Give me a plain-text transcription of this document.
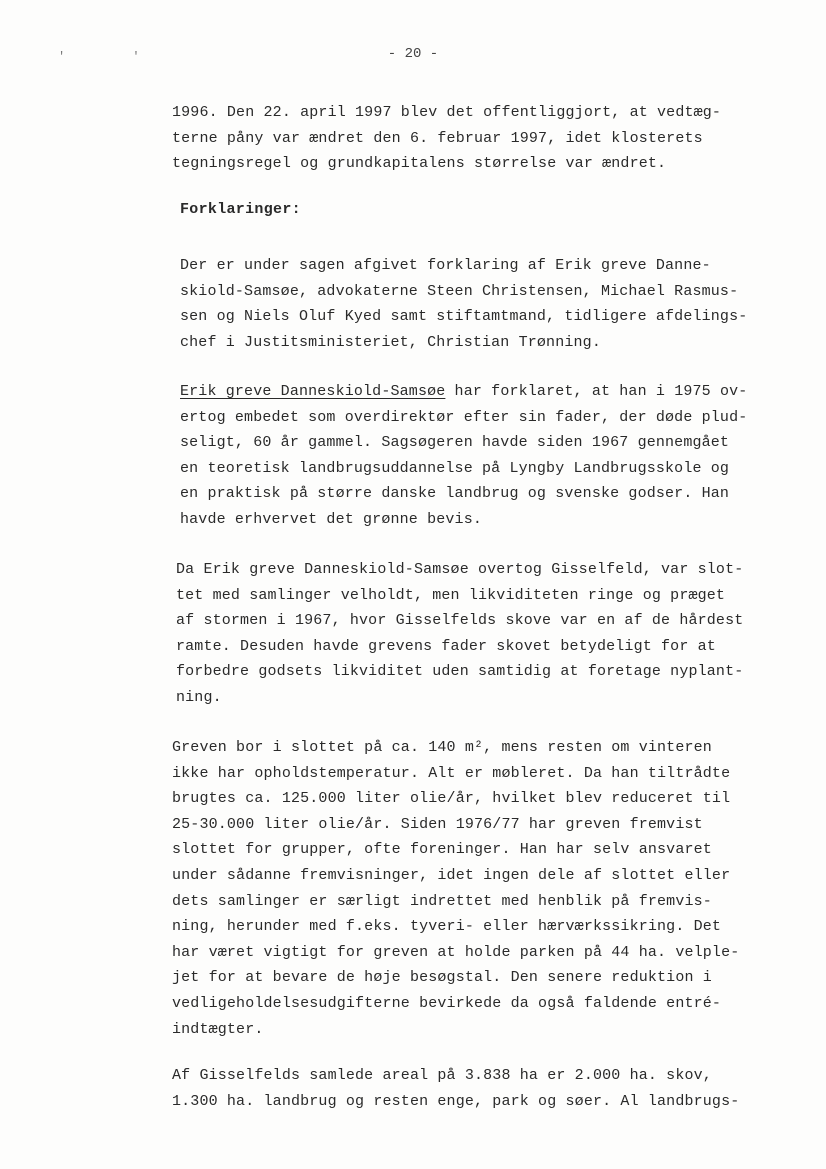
' '	- 20 -

1996. Den 22. april 1997 blev det offentliggjort, at vedtæg-
terne påny var ændret den 6. februar 1997, idet klosterets
tegningsregel og grundkapitalens størrelse var ændret.

Forklaringer:

Der er under sagen afgivet forklaring af Erik greve Danne-
skiold-Samsøe, advokaterne Steen Christensen, Michael Rasmus-
sen og Niels Oluf Kyed samt stiftamtmand, tidligere afdelings-
chef i Justitsministeriet, Christian Trønning.

Erik greve Danneskiold-Samsøe har forklaret, at han i 1975 ov-
ertog embedet som overdirektør efter sin fader, der døde plud-
seligt, 60 år gammel. Sagsøgeren havde siden 1967 gennemgået
en teoretisk landbrugsuddannelse på Lyngby Landbrugsskole og
en praktisk på større danske landbrug og svenske godser. Han
havde erhvervet det grønne bevis.

Da Erik greve Danneskiold-Samsøe overtog Gisselfeld, var slot-
tet med samlinger velholdt, men likviditeten ringe og præget
af stormen i 1967, hvor Gisselfelds skove var en af de hårdest
ramte. Desuden havde grevens fader skovet betydeligt for at
forbedre godsets likviditet uden samtidig at foretage nyplant-
ning.

Greven bor i slottet på ca. 140 m², mens resten om vinteren
ikke har opholdstemperatur. Alt er møbleret. Da han tiltrådte
brugtes ca. 125.000 liter olie/år, hvilket blev reduceret til
25-30.000 liter olie/år. Siden 1976/77 har greven fremvist
slottet for grupper, ofte foreninger. Han har selv ansvaret
under sådanne fremvisninger, idet ingen dele af slottet eller
dets samlinger er særligt indrettet med henblik på fremvis-
ning, herunder med f.eks. tyveri- eller hærværkssikring. Det
har været vigtigt for greven at holde parken på 44 ha. velple-
jet for at bevare de høje besøgstal. Den senere reduktion i
vedligeholdelsesudgifterne bevirkede da også faldende entré-
indtægter.

Af Gisselfelds samlede areal på 3.838 ha er 2.000 ha. skov,
1.300 ha. landbrug og resten enge, park og søer. Al landbrugs-
